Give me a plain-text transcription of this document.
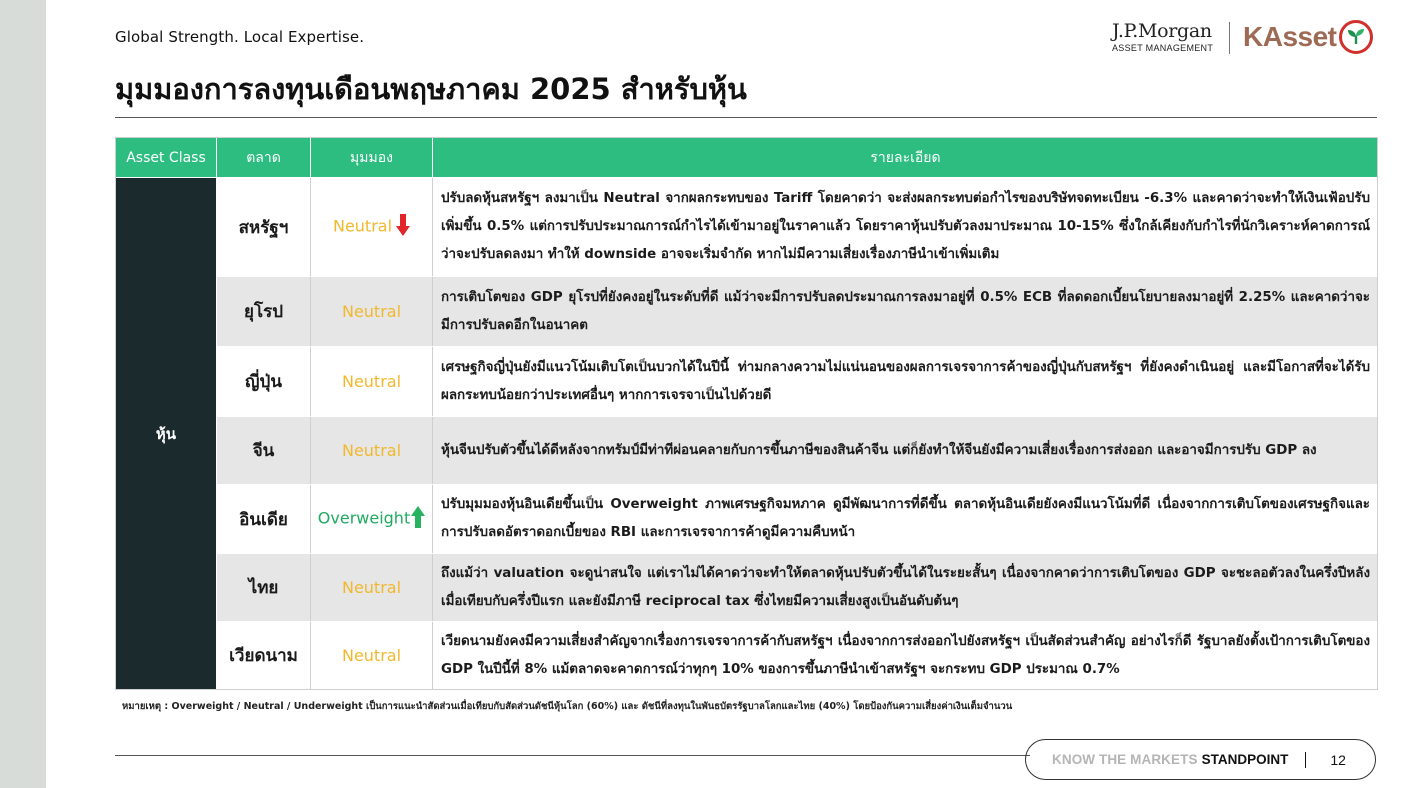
Global Strength. Local Expertise.
มุมมองการลงทุนเดือนพฤษภาคม 2025 สำหรับหุ้น
J.P.Morgan
ASSET MANAGEMENT KAsset
Asset Class	ตลาด	มุมมอง	รายละเอียด
หุ้น	สหรัฐฯ	Neutral	ปรับลดหุ้นสหรัฐฯ ลงมาเป็น Neutral จากผลกระทบของ Tariff โดยคาดว่า จะส่งผลกระทบต่อกำไรของบริษัทจดทะเบียน -6.3% และคาดว่าจะทำให้เงินเฟ้อปรับเพิ่มขึ้น 0.5% แต่การปรับประมาณการณ์กำไรได้เข้ามาอยู่ในราคาแล้ว โดยราคาหุ้นปรับตัวลงมาประมาณ 10-15% ซึ่งใกล้เคียงกับกำไรที่นักวิเคราะห์คาดการณ์ว่าจะปรับลดลงมา ทำให้ downside อาจจะเริ่มจำกัด หากไม่มีความเสี่ยงเรื่องภาษีนำเข้าเพิ่มเติม
	ยุโรป	Neutral	การเติบโตของ GDP ยุโรปที่ยังคงอยู่ในระดับที่ดี แม้ว่าจะมีการปรับลดประมาณการลงมาอยู่ที่ 0.5% ECB ที่ลดดอกเบี้ยนโยบายลงมาอยู่ที่ 2.25% และคาดว่าจะมีการปรับลดอีกในอนาคต
	ญี่ปุ่น	Neutral	เศรษฐกิจญี่ปุ่นยังมีแนวโน้มเติบโตเป็นบวกได้ในปีนี้ ท่ามกลางความไม่แน่นอนของผลการเจรจาการค้าของญี่ปุ่นกับสหรัฐฯ ที่ยังคงดำเนินอยู่ และมีโอกาสที่จะได้รับผลกระทบน้อยกว่าประเทศอื่นๆ หากการเจรจาเป็นไปด้วยดี
	จีน	Neutral	หุ้นจีนปรับตัวขึ้นได้ดีหลังจากทรัมป์มีท่าทีผ่อนคลายกับการขึ้นภาษีของสินค้าจีน แต่ก็ยังทำให้จีนยังมีความเสี่ยงเรื่องการส่งออก และอาจมีการปรับ GDP ลง
	อินเดีย	Overweight	ปรับมุมมองหุ้นอินเดียขึ้นเป็น Overweight ภาพเศรษฐกิจมหภาค ดูมีพัฒนาการที่ดีขึ้น ตลาดหุ้นอินเดียยังคงมีแนวโน้มที่ดี เนื่องจากการเติบโตของเศรษฐกิจและการปรับลดอัตราดอกเบี้ยของ RBI และการเจรจาการค้าดูมีความคืบหน้า
	ไทย	Neutral	ถึงแม้ว่า valuation จะดูน่าสนใจ แต่เราไม่ได้คาดว่าจะทำให้ตลาดหุ้นปรับตัวขึ้นได้ในระยะสั้นๆ เนื่องจากคาดว่าการเติบโตของ GDP จะชะลอตัวลงในครึ่งปีหลังเมื่อเทียบกับครึ่งปีแรก และยังมีภาษี reciprocal tax ซึ่งไทยมีความเสี่ยงสูงเป็นอันดับต้นๆ
	เวียดนาม	Neutral	เวียดนามยังคงมีความเสี่ยงสำคัญจากเรื่องการเจรจาการค้ากับสหรัฐฯ เนื่องจากการส่งออกไปยังสหรัฐฯ เป็นสัดส่วนสำคัญ อย่างไรก็ดี รัฐบาลยังตั้งเป้าการเติบโตของ GDP ในปีนี้ที่ 8% แม้ตลาดจะคาดการณ์ว่าทุกๆ 10% ของการขึ้นภาษีนำเข้าสหรัฐฯ จะกระทบ GDP ประมาณ 0.7%
หมายเหตุ : Overweight / Neutral / Underweight เป็นการแนะนำสัดส่วนเมื่อเทียบกับสัดส่วนดัชนีหุ้นโลก (60%) และ ดัชนีที่ลงทุนในพันธบัตรรัฐบาลโลกและไทย (40%) โดยป้องกันความเสี่ยงค่าเงินเต็มจำนวน
KNOW THE MARKETS STANDPOINT	12
